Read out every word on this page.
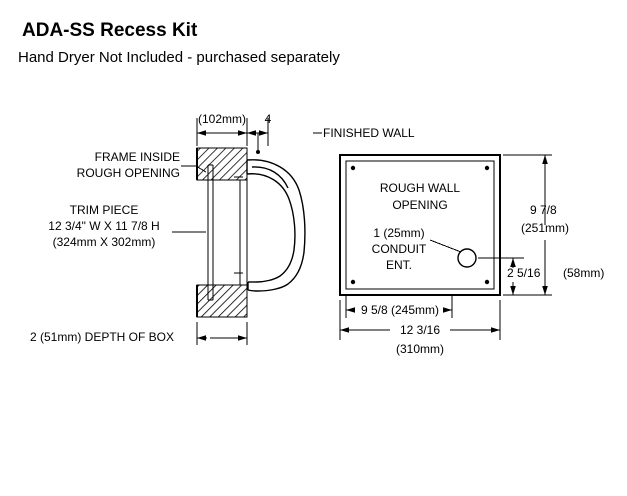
ADA-SS Recess Kit
Hand Dryer Not Included - purchased separately
(102mm)	4
FINISHED WALL
FRAME INSIDE
ROUGH OPENING
TRIM PIECE
12 3/4" W X 11 7/8 H
(324mm X 302mm)
2 (51mm) DEPTH OF BOX
ROUGH WALL
OPENING
1 (25mm)
CONDUIT
ENT.
9 7/8
(251mm)
2 5/16 (58mm)
9 5/8 (245mm)
12 3/16
(310mm)
